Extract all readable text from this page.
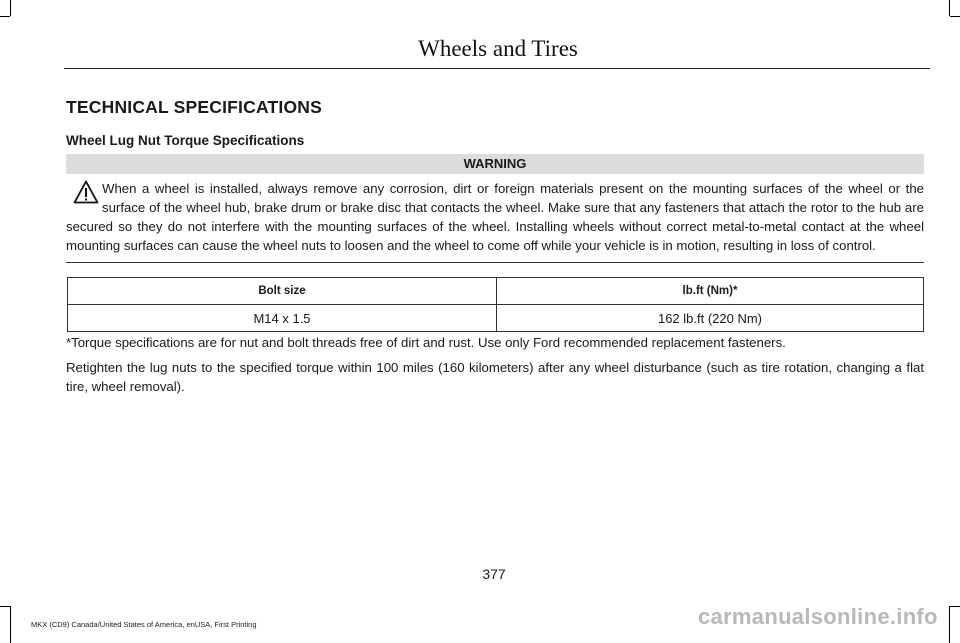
Wheels and Tires
TECHNICAL SPECIFICATIONS
Wheel Lug Nut Torque Specifications
WARNING

When a wheel is installed, always remove any corrosion, dirt or foreign materials present on the mounting surfaces of the wheel or the surface of the wheel hub, brake drum or brake disc that contacts the wheel. Make sure that any fasteners that attach the rotor to the hub are secured so they do not interfere with the mounting surfaces of the wheel. Installing wheels without correct metal-to-metal contact at the wheel mounting surfaces can cause the wheel nuts to loosen and the wheel to come off while your vehicle is in motion, resulting in loss of control.

Bolt size	lb.ft (Nm)*
M14 x 1.5	162 lb.ft (220 Nm)

*Torque specifications are for nut and bolt threads free of dirt and rust. Use only Ford recommended replacement fasteners.

Retighten the lug nuts to the specified torque within 100 miles (160 kilometers) after any wheel disturbance (such as tire rotation, changing a flat tire, wheel removal).

377
MKX (CD9) Canada/United States of America, enUSA, First Printing	carmanualsonline.info
